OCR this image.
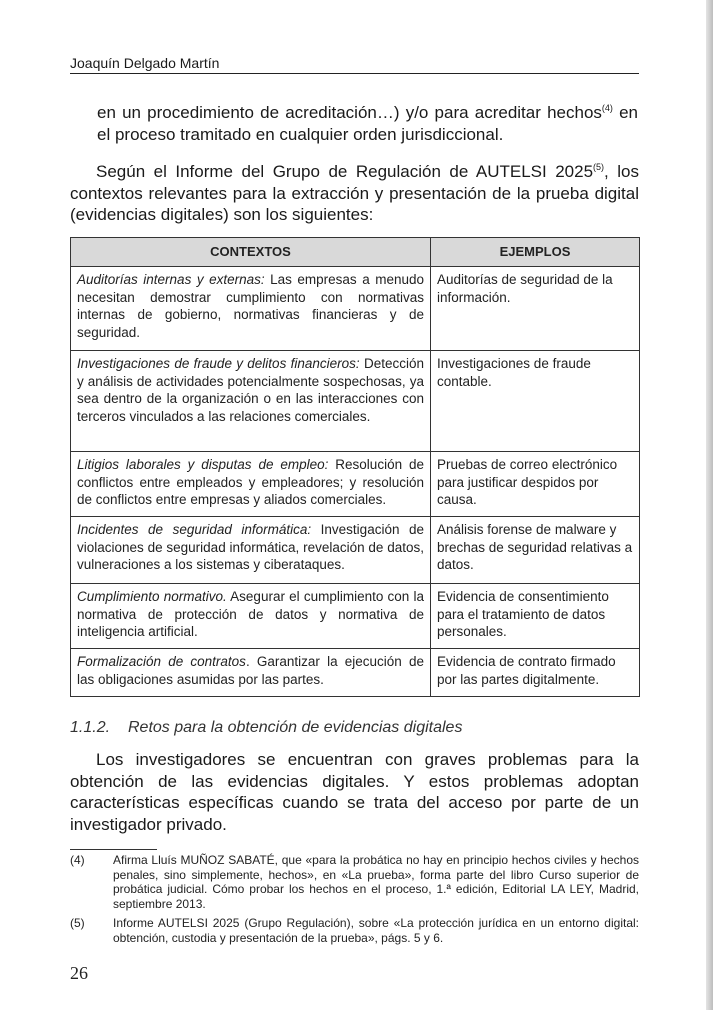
Joaquín Delgado Martín

en un procedimiento de acreditación…) y/o para acreditar hechos$^{(4)}$ en el proceso tramitado en cualquier orden jurisdiccional.

Según el Informe del Grupo de Regulación de AUTELSI 2025$^{(5)}$, los contextos relevantes para la extracción y presentación de la prueba digital (evidencias digitales) son los siguientes:

CONTEXTOS	EJEMPLOS
Auditorías internas y externas: Las empresas a menudo necesitan demostrar cumplimiento con normativas internas de gobierno, normativas financieras y de seguridad.	Auditorías de seguridad de la información.
Investigaciones de fraude y delitos financieros: Detección y análisis de actividades potencialmente sospechosas, ya sea dentro de la organización o en las interacciones con terceros vinculados a las relaciones comerciales.	Investigaciones de fraude contable.
Litigios laborales y disputas de empleo: Resolución de conflictos entre empleados y empleadores; y resolución de conflictos entre empresas y aliados comerciales.	Pruebas de correo electrónico para justificar despidos por causa.
Incidentes de seguridad informática: Investigación de violaciones de seguridad informática, revelación de datos, vulneraciones a los sistemas y ciberataques.	Análisis forense de malware y brechas de seguridad relativas a datos.
Cumplimiento normativo. Asegurar el cumplimiento con la normativa de protección de datos y normativa de inteligencia artificial.	Evidencia de consentimiento para el tratamiento de datos personales.
Formalización de contratos. Garantizar la ejecución de las obligaciones asumidas por las partes.	Evidencia de contrato firmado por las partes digitalmente.
1.1.2. Retos para la obtención de evidencias digitales

Los investigadores se encuentran con graves problemas para la obtención de las evidencias digitales. Y estos problemas adoptan características específicas cuando se trata del acceso por parte de un investigador privado.

(4) Afirma Lluís MUÑOZ SABATÉ, que «para la probática no hay en principio hechos civiles y hechos penales, sino simplemente, hechos», en «La prueba», forma parte del libro Curso superior de probática judicial. Cómo probar los hechos en el proceso, 1.ª edición, Editorial LA LEY, Madrid, septiembre 2013.
(5) Informe AUTELSI 2025 (Grupo Regulación), sobre «La protección jurídica en un entorno digital: obtención, custodia y presentación de la prueba», págs. 5 y 6.
26
